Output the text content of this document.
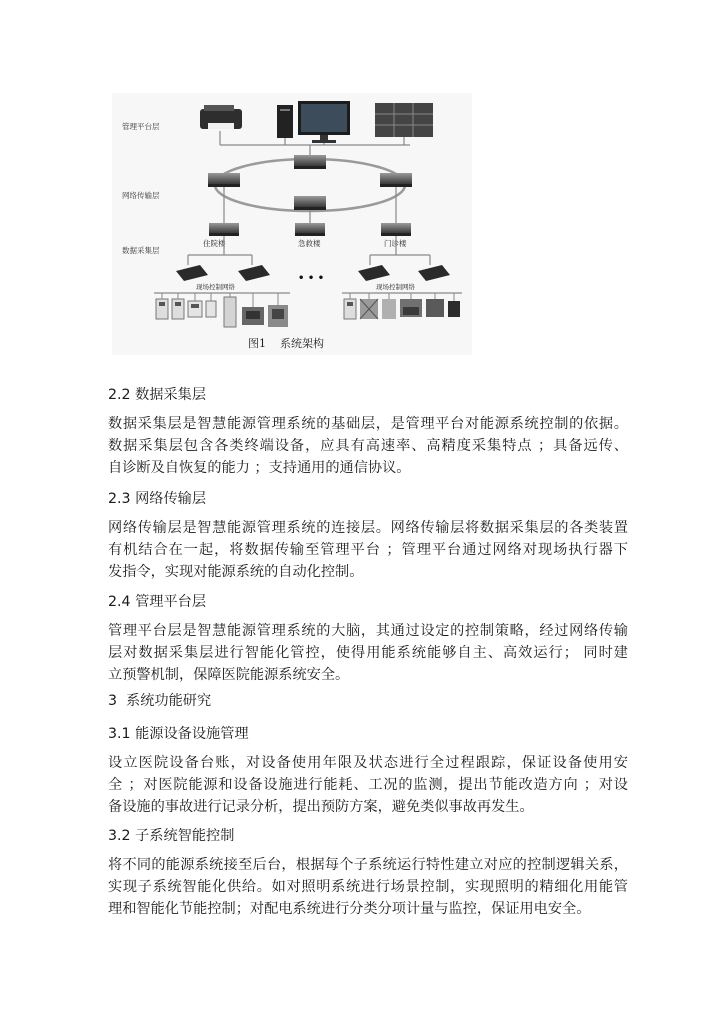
管理平台层
网络传输层
数据采集层
住院楼	急救楼	门诊楼
• • •
现场控制网络	现场控制网络
图1    系统架构
2.2 数据采集层
数据采集层是智慧能源管理系统的基础层，是管理平台对能源系统控制的依据。
数据采集层包含各类终端设备，应具有高速率、高精度采集特点 ；具备远传、
自诊断及自恢复的能力 ；支持通用的通信协议。
2.3 网络传输层
网络传输层是智慧能源管理系统的连接层。网络传输层将数据采集层的各类装置
有机结合在一起，将数据传输至管理平台 ；管理平台通过网络对现场执行器下
发指令，实现对能源系统的自动化控制。
2.4 管理平台层
管理平台层是智慧能源管理系统的大脑，其通过设定的控制策略，经过网络传输
层对数据采集层进行智能化管控，使得用能系统能够自主、高效运行； 同时建
立预警机制，保障医院能源系统安全。
3  系统功能研究
3.1 能源设备设施管理
设立医院设备台账，对设备使用年限及状态进行全过程跟踪，保证设备使用安
全 ；对医院能源和设备设施进行能耗、工况的监测，提出节能改造方向 ；对设
备设施的事故进行记录分析，提出预防方案，避免类似事故再发生。
3.2 子系统智能控制
将不同的能源系统接至后台，根据每个子系统运行特性建立对应的控制逻辑关系，
实现子系统智能化供给。如对照明系统进行场景控制，实现照明的精细化用能管
理和智能化节能控制；对配电系统进行分类分项计量与监控，保证用电安全。
